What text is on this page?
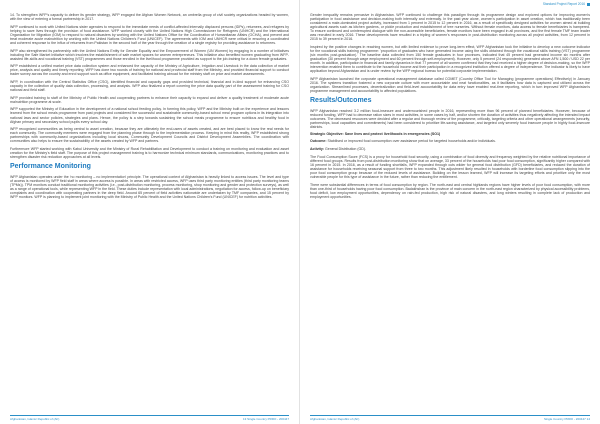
14. To strengthen WFP's capacity to deliver its gender strategy, WFP engaged the Afghan Women Network, an umbrella group of civil society organizations headed by women, with the view of entering a formal partnership in 2017.

WFP continued to work with United Nations sister agencies to respond to the immediate needs of conflict-affected internally displaced persons (IDPs), returnees, and refugees by helping to save lives through the provision of food assistance. WFP worked closely with the United Nations High Commissioner for Refugees (UNHCR) and the International Organization for Migration (IOM) to respond to natural disasters by working with the United Nations Office for the Coordination of Humanitarian Affairs (OCHA), and prevent and treat moderate acute malnutrition by working with the United Nations Children's Fund (UNICEF). The agreements with IOM and UNHCR were critical in ensuring a coordinated and coherent response to the influx of returnees from Pakistan in the second half of the year through the creation of a single registry for providing assistance to returnees.

WFP also strengthened its partnership with the United Nations Entity for Gender Equality and the Empowerment of Women (UN Women) by engaging in a number of initiatives including the Safe Market Initiative which involves the establishment of safe market spaces for women entrepreneurs. This initiative also benefited women graduating from WFP-assisted life-skills and vocational training (VST) programmes and those enrolled in the livelihood programme provided as support to the job-training for a down female graduates.

WFP established a unified market price data collection system and enhanced the capacity of the Ministry of Agriculture, Irrigation and Livestock in the data collection of market price, analysis and quality and timely reporting. WFP has done two rounds of training for national and provincial staff from the Ministry, and provided financial support to conduct trader survey across the country and enrol support such as office equipment, and facilitated training abroad for the ministry staff on price and market assessments.

WFP, in coordination with the Central Statistics Office (CSO), identified financial and capacity gaps and provided technical, financial and in-kind support for enhancing CSO capacity in the collection of quality data collection, processing, and analysis. WFP also finalized a report covering the price data quality part of the assessment training for CSO national and field staff.

WFP provided training to staff of the Ministry of Public Health and cooperating partners to enhance their capacity to expand and deliver a quality treatment of moderate acute malnutrition programme at scale.

WFP supported the Ministry of Education in the development of a national school feeding policy. In forming this policy, WFP and the Ministry built on the experience and lessons learned from the school meals programme from past projects and considered the successful and sustainable community-based school meal program options in its integration into national laws and sector policies, strategies and plans. Hence, the policy is a step towards sustaining the school meals programme to ensure nutritious and healthy food in Afghan primary and secondary school pupils every school day.

WFP recognized communities as being central to asset creation, because they are ultimately the end-users of assets created, and are best placed to know the real needs for each community. The community members were engaged from the planning phase through to the implementation process. Keeping in mind this reality, WFP established strong partnerships with community-based organizations including local shuras, Community Development Councils and District Development Assemblies. The coordination with communities also helps to ensure the sustainability of the assets created by WFP and partners.

Furthermore WFP started working with Kabul University and the Ministry of Rural Rehabilitation and Development to conduct a training on monitoring and evaluation and asset creation for the Ministry's field staff. The purpose of this project management training is to harmonize technical minimum standards, communications, monitoring practices and to strengthen disaster risk reduction approaches at all levels.

Performance Monitoring

WFP Afghanistan operates under the 'no monitoring – no implementation' principle. The operational context of Afghanistan is heavily linked to access issues. The level and type of access is monitored by WFP field staff in areas where access is possible. In areas with restricted access, WFP uses third party monitoring entities (third party monitoring teams (TPMs)). TPM monitors conduct traditional monitoring activities (i.e., post-distribution monitoring, process monitoring, shop monitoring and gender and protection surveys), as well as a range of operational tools, while representing WFP in the field. These duties include representation with local administrations, negotiation for access, follow-up on beneficiary complaints and coordination with cooperating partners in the deep field. Around 65 percent of field activities nationwide are undertaken by TMF companies, and 15 percent by WFP monitors. WFP is planning to implement joint monitoring with the Ministry of Public Health and the United Nations Children's Fund (UNICEF) for nutrition activities.

Afghanistan, Islamic Republic of (AF)	13 Single Country PRRO - 200447
Standard Project Report 2016

Gender inequality remains pervasive in Afghanistan. WFP continued to challenge this paradigm through its programme design and explored options for improving women's participation in food assistance and decision-making both internally and externally. In the past year alone, women's participation in asset creation, which has traditionally been considered a male-dominated project activity, increased from 1 percent in 2015 to 12 percent in 2016, as a result of specifically designed activities for women aimed at building agricultural assets such as kitchen gardens, or pickle production and establishment of tree nurseries. Without female monitors, data access to female beneficiaries is hampered. To ensure continued and uninterrupted dialogue with the non-accessible beneficiaries, female monitors have been engaged in all provinces, and the first female TMF team leader was recruited in early 2016. These developments have resulted in a tripling of women's responses in post-distribution monitoring across all project activities, from 12 percent in 2015 to 39 percent in 2016.

Inspired by the positive changes in reaching women, but with limited evidence to prove long-term effect, WFP Afghanistan took the initiative to develop a new outcome indicator for the vocational skills training programme: 'proportion of graduates who have generated income using the skills obtained through the vocational skills training (VST) programme (six months post-graduation).' The baseline data collected from 150 female graduates in four provinces, indicated that 45 percent had generated income six months after graduation (30 percent through wage employment and 60 percent through self-employment). However, only 5 percent (24 respondents) generated above AFN 1,500 / USD 22 per month. In addition, participation in financial and family dynamics in that 77 percent of all women confirmed that they had received a higher degree of decision-making, so the WFP intervention enabled them to contribute to the household income and their participation in a recognized institution offered a degree of independence. The indicator is likely to have application beyond Afghanistan and is under review by the WFP regional bureau for potential corporate implementation.

WFP Afghanistan launched the corporate operational management database called COMET (Country Office Tool for Managing (programme operations) Effectively) in January 2016. The systems transition fostered a new corporate culture with more accountable and neat functionalities, as it facilitates how data is captured and utilized across the organization. Streamlined processes, decentralization and field-level accountability for data entry have enabled real-time reporting, which in turn improved WFP Afghanistan's programme management and accountability to affected populations.

Results/Outcomes

WFP Afghanistan reached 3.2 million food-insecure and undernourished people in 2016, representing more than 96 percent of planned beneficiaries. However, because of reduced funding, WFP had to decrease ration sizes in most activities, in some cases by half, and/or shorten the duration of activities thus negatively affecting the intended impact outcomes. The decreased resources were decided after a regular and thorough review of the programme, critically, targeting criteria and other operational arrangements (security, partnerships, local capacities and commitments) had been considered to prioritize life-saving assistance, and targeted only severely food insecure people in highly food-insecure districts.

Strategic Objective: Save lives and protect livelihoods in emergencies (SO1)

Outcome: Stabilised or improved food consumption over assistance period for targeted households and/or individuals.

Activity: General Distribution (GD).

The Food Consumption Score (FCS) is a proxy for household food security, using a combination of food diversity and frequency weighted by the relative nutritional importance of different food groups. Results from post-distribution monitoring show that on average, 33 percent of the households had poor food consumption, significantly higher compared with 16 percent in 2015. In 2016, as a result of funding shortfalls, WFP expanded through cuts wilder for general food distribution (GFD) beneficiaries, and reduced the duration of assistance for households receiving seasonal support from three to two months. This adjustment likely resulted in households with borderline food consumption slipping into the poor food consumption group because of the reduced levels of assistance. Building on the lesson learned, WFP will increase its targeting efforts and prioritize only the most vulnerable people for this type of assistance in the future, rather than reducing the entitlement.

There were substantial differences in terms of food consumption by region. The north-east and central highlands regions have higher levels of poor food consumption, with more than one-third of households having poor food consumption. Badakhshan is the province of main concern in the north-east region characterized by physical accessibility problems, food deficit, low employment opportunities, dependency on rain-fed production, high risk of natural disasters, and long winters resulting in complete lack of production and employment opportunities.

Afghanistan, Islamic Republic of (AF)	Single Country PRRO - 200447 14
